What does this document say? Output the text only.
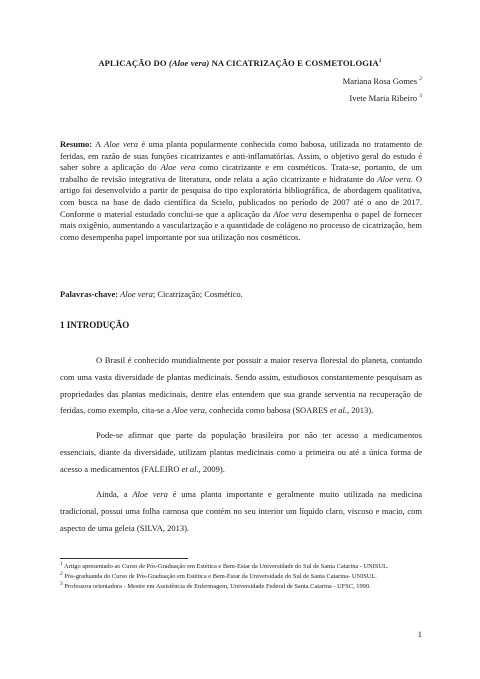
APLICAÇÃO DO (Aloe vera) NA CICATRIZAÇÃO E COSMETOLOGIA$^1$
Mariana Rosa Gomes $^2$
Ivete Maria Ribeiro $^3$
Resumo: A Aloe vera é uma planta popularmente conhecida como babosa, utilizada no tratamento de feridas, em razão de suas funções cicatrizantes e anti-inflamatórias. Assim, o objetivo geral do estudo é saber sobre a aplicação do Aloe vera como cicatrizante e em cosméticos. Trata-se, portanto, de um trabalho de revisão integrativa de literatura, onde relata a ação cicatrizante e hidratante do Aloe vera. O artigo foi desenvolvido a partir de pesquisa do tipo exploratória bibliográfica, de abordagem qualitativa, com busca na base de dado científica da Scielo, publicados no período de 2007 até o ano de 2017. Conforme o material estudado conclui-se que a aplicação da Aloe vera desempenha o papel de fornecer mais oxigênio, aumentando a vascularização e a quantidade de colágeno no processo de cicatrização, bem como desempenha papel importante por sua utilização nos cosméticos.
Palavras-chave: Aloe vera; Cicatrização; Cosmético.
1 INTRODUÇÃO
O Brasil é conhecido mundialmente por possuir a maior reserva florestal do planeta, contando com uma vasta diversidade de plantas medicinais. Sendo assim, estudiosos constantemente pesquisam as propriedades das plantas medicinais, dentre elas entendem que sua grande serventia na recuperação de feridas, como exemplo, cita-se a Aloe vera, conhecida como babosa (SOARES et al., 2013).
Pode-se afirmar que parte da população brasileira por não ter acesso a medicamentos essenciais, diante da diversidade, utilizam plantas medicinais como a primeira ou até a única forma de acesso a medicamentos (FALEIRO et al., 2009).
Ainda, a Aloe vera é uma planta importante e geralmente muito utilizada na medicina tradicional, possui uma folha carnosa que contém no seu interior um líquido claro, viscoso e macio, com aspecto de uma geleia (SILVA, 2013).

$^1$ Artigo apresentado ao Curso de Pós-Graduação em Estética e Bem-Estar da Universidade do Sul de Santa Catarina - UNISUL.

$^2$ Pós-graduanda do Curso de Pós-Graduação em Estética e Bem-Estar da Universidade do Sul de Santa Catarina- UNISUL.

$^3$ Professora orientadora - Mestre em Assistência de Enfermagem, Universidade Federal de Santa Catarina - UFSC, 1990.

1
